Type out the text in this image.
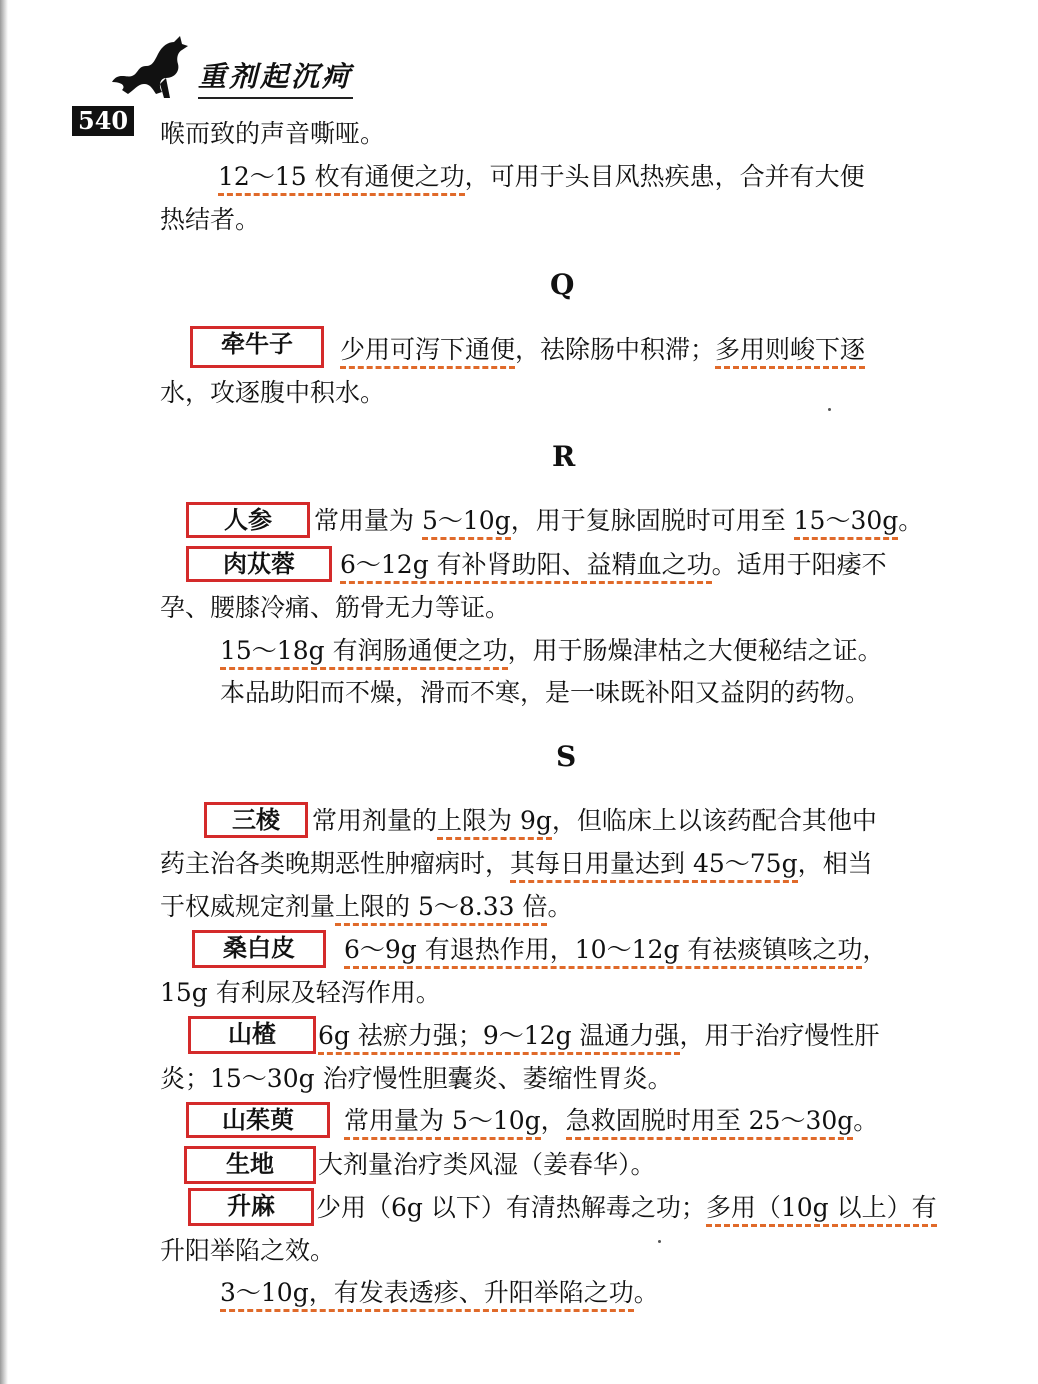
重剂起沉疴
540 喉而致的声音嘶哑。
12～15 枚有通便之功，可用于头目风热疾患，合并有大便
热结者。
Q
牵牛子	少用可泻下通便，祛除肠中积滞；多用则峻下逐
水，攻逐腹中积水。
R
人参	常用量为 5～10g，用于复脉固脱时可用至 15～30g。
肉苁蓉	6～12g 有补肾助阳、益精血之功。适用于阳痿不
孕、腰膝冷痛、筋骨无力等证。
15～18g 有润肠通便之功，用于肠燥津枯之大便秘结之证。
本品助阳而不燥，滑而不寒，是一味既补阳又益阴的药物。
S
三棱	常用剂量的上限为 9g，但临床上以该药配合其他中
药主治各类晚期恶性肿瘤病时，其每日用量达到 45～75g，相当
于权威规定剂量上限的 5～8.33 倍。
桑白皮	6～9g 有退热作用，10～12g 有祛痰镇咳之功，
15g 有利尿及轻泻作用。
山楂	6g 祛瘀力强；9～12g 温通力强，用于治疗慢性肝
炎；15～30g 治疗慢性胆囊炎、萎缩性胃炎。
山茱萸	常用量为 5～10g，急救固脱时用至 25～30g。
生地	大剂量治疗类风湿（姜春华）。
升麻	少用（6g 以下）有清热解毒之功；多用（10g 以上）有
升阳举陷之效。
3～10g，有发表透疹、升阳举陷之功。
